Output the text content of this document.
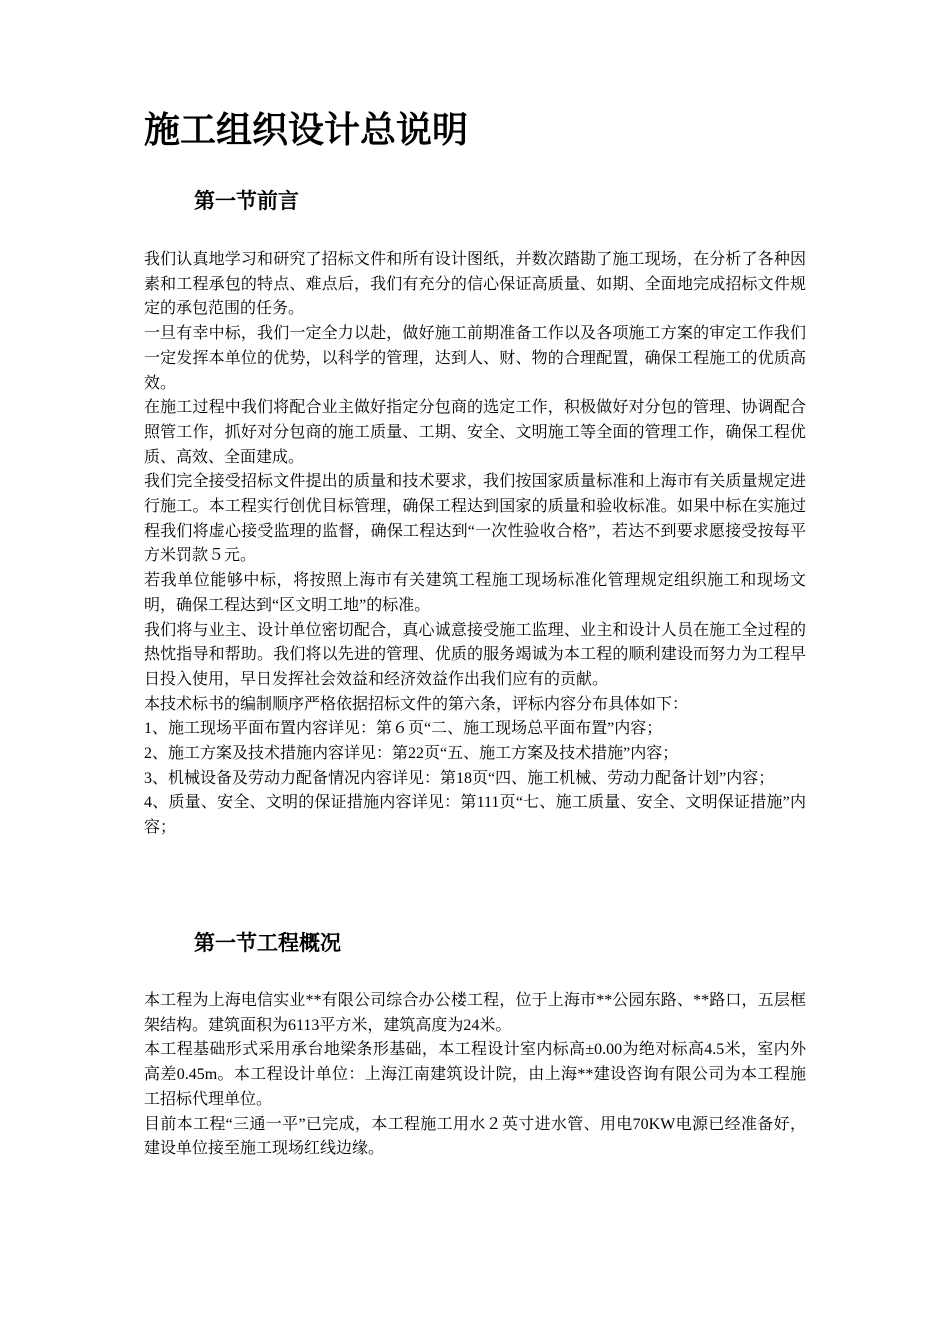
施工组织设计总说明
第一节前言

我们认真地学习和研究了招标文件和所有设计图纸，并数次踏勘了施工现场，在分析了各种因素和工程承包的特点、难点后，我们有充分的信心保证高质量、如期、全面地完成招标文件规定的承包范围的任务。

一旦有幸中标，我们一定全力以赴，做好施工前期准备工作以及各项施工方案的审定工作我们一定发挥本单位的优势，以科学的管理，达到人、财、物的合理配置，确保工程施工的优质高效。

在施工过程中我们将配合业主做好指定分包商的选定工作，积极做好对分包的管理、协调配合照管工作，抓好对分包商的施工质量、工期、安全、文明施工等全面的管理工作，确保工程优质、高效、全面建成。

我们完全接受招标文件提出的质量和技术要求，我们按国家质量标准和上海市有关质量规定进行施工。本工程实行创优目标管理，确保工程达到国家的质量和验收标准。如果中标在实施过程我们将虚心接受监理的监督，确保工程达到“一次性验收合格”，若达不到要求愿接受按每平方米罚款５元。

若我单位能够中标，将按照上海市有关建筑工程施工现场标准化管理规定组织施工和现场文明，确保工程达到“区文明工地”的标准。

我们将与业主、设计单位密切配合，真心诚意接受施工监理、业主和设计人员在施工全过程的热忱指导和帮助。我们将以先进的管理、优质的服务竭诚为本工程的顺利建设而努力为工程早日投入使用，早日发挥社会效益和经济效益作出我们应有的贡献。

本技术标书的编制顺序严格依据招标文件的第六条，评标内容分布具体如下：

1、施工现场平面布置内容详见：第６页“二、施工现场总平面布置”内容；

2、施工方案及技术措施内容详见：第22页“五、施工方案及技术措施”内容；

3、机械设备及劳动力配备情况内容详见：第18页“四、施工机械、劳动力配备计划”内容；

4、质量、安全、文明的保证措施内容详见：第111页“七、施工质量、安全、文明保证措施”内容；

第一节工程概况

本工程为上海电信实业**有限公司综合办公楼工程，位于上海市**公园东路、**路口，五层框架结构。建筑面积为6113平方米，建筑高度为24米。

本工程基础形式采用承台地梁条形基础，本工程设计室内标高±0.00为绝对标高4.5米，室内外高差0.45m。本工程设计单位：上海江南建筑设计院，由上海**建设咨询有限公司为本工程施工招标代理单位。

目前本工程“三通一平”已完成，本工程施工用水２英寸进水管、用电70KW电源已经准备好，建设单位接至施工现场红线边缘。
